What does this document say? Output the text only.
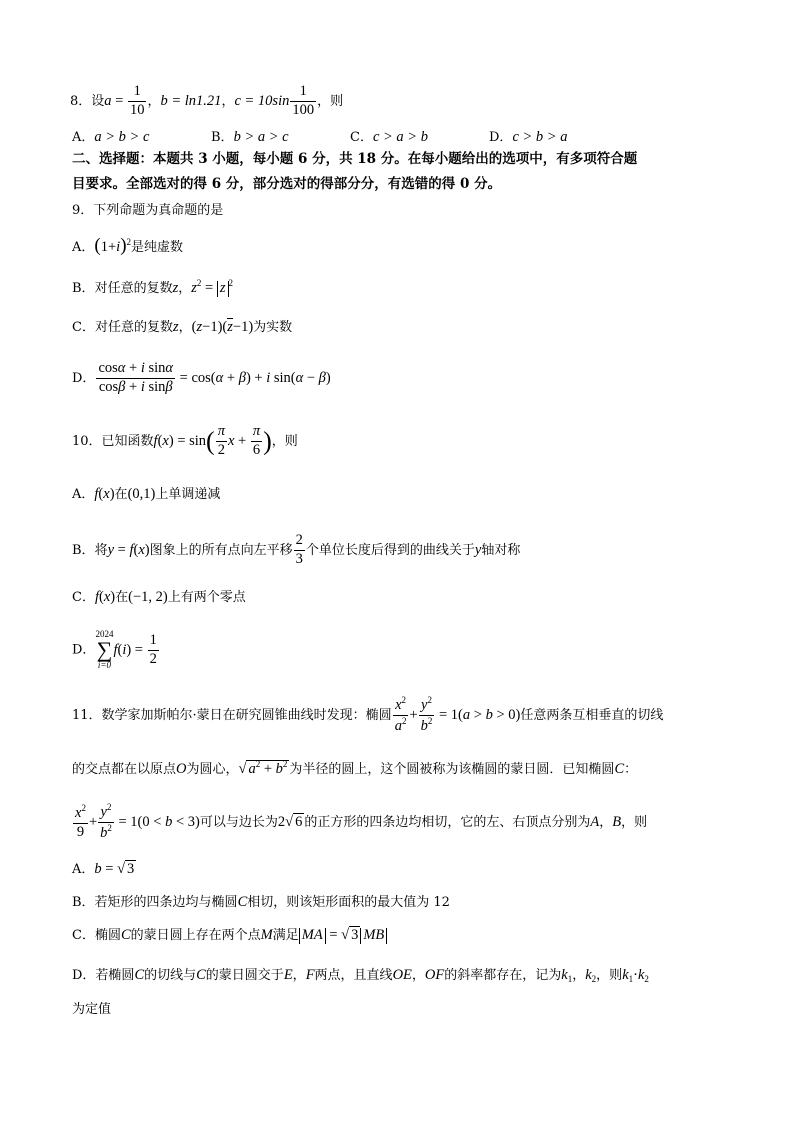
8．设$a = \frac{1}{10}$ ，b = ln1.21，$c = 10\sin \frac{1}{100}$ ，则
A．a > b > c	B．b > a > c	C．c > a > b	D．c > b > a
二、选择题：本题共 3 小题，每小题 6 分，共 18 分。在每小题给出的选项中，有多项符合题
目要求。全部选对的得 6 分，部分选对的得部分分，有选错的得 0 分。
9．下列命题为真命题的是
A．$(1+i)^2$是纯虚数
B．对任意的复数z，$z^2 = z$ $^2$
C．对任意的复数z，(z−1)(z−1)为实数
D． $\frac{\text{cosα + i sinα}}{\text{cosβ + i sinβ}} = \cos(\alpha + \beta) + i$ sin(α − β)
10．已知函数$f(x) = \sin( \frac{\pi}{2}$ $x + \frac{\pi}{6}$ )，则
A．f(x)在(0,1)上单调递减
B．将y = f(x)图象上的所有点向左平移 $\frac{2}{3}$ 个单位长度后得到的曲线关于y轴对称
C．f(x)在(−1, 2)上有两个零点
D．2024
∑
$i=0f(i) = \frac{1}{2}$
11．数学家加斯帕尔·蒙日在研究圆锥曲线时发现：椭圆 $\frac{x^2}{a^2} + \frac{y^2}{b^2} = 1(a > b > 0)$任意两条互相垂直的切线
的交点都在以原点O为圆心，√ $a^2 + b^2$ 为半径的圆上，这个圆被称为该椭圆的蒙日圆．已知椭圆C：
$\frac{x^2}{9} + \frac{y^2}{b^2} = 1(0 < b < 3)$可以与边长为2√ 6 的正方形的四条边均相切，它的左、右顶点分别为A，B，则
A．b = √ 3
B．若矩形的四条边均与椭圆C相切，则该矩形面积的最大值为 12
C．椭圆C的蒙日圆上存在两个点M满足 MA = √ 3 MB
D．若椭圆C的切线与C的蒙日圆交于E，F两点，且直线OE，OF的斜率都存在，记为$k_1$，$k_2$，则$k_1\cdot k_2$
为定值
